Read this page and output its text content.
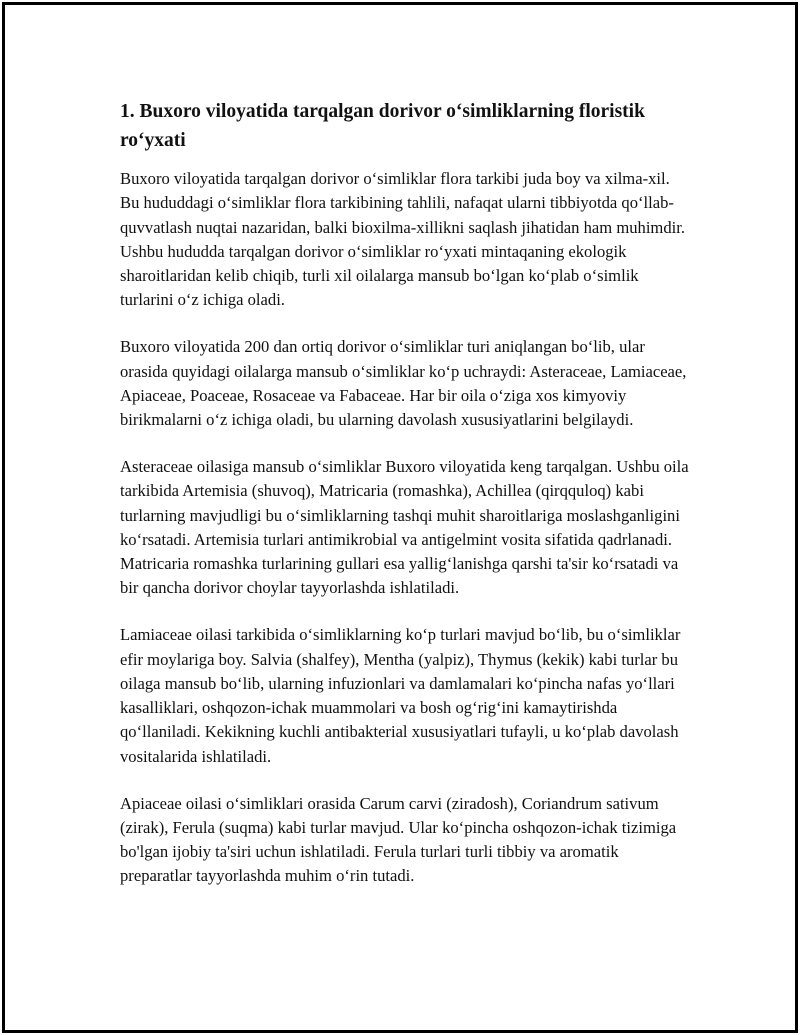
1. Buxoro viloyatida tarqalgan dorivor oʻsimliklarning floristik roʻyxati

Buxoro viloyatida tarqalgan dorivor oʻsimliklar flora tarkibi juda boy va xilma-xil. Bu hududdagi oʻsimliklar flora tarkibining tahlili, nafaqat ularni tibbiyotda qoʻllab-quvvatlash nuqtai nazaridan, balki bioxilma-xillikni saqlash jihatidan ham muhimdir. Ushbu hududda tarqalgan dorivor oʻsimliklar roʻyxati mintaqaning ekologik sharoitlaridan kelib chiqib, turli xil oilalarga mansub boʻlgan koʻplab oʻsimlik turlarini oʻz ichiga oladi.

Buxoro viloyatida 200 dan ortiq dorivor oʻsimliklar turi aniqlangan boʻlib, ular orasida quyidagi oilalarga mansub oʻsimliklar koʻp uchraydi: Asteraceae, Lamiaceae, Apiaceae, Poaceae, Rosaceae va Fabaceae. Har bir oila oʻziga xos kimyoviy birikmalarni oʻz ichiga oladi, bu ularning davolash xususiyatlarini belgilaydi.

Asteraceae oilasiga mansub oʻsimliklar Buxoro viloyatida keng tarqalgan. Ushbu oila tarkibida Artemisia (shuvoq), Matricaria (romashka), Achillea (qirqquloq) kabi turlarning mavjudligi bu oʻsimliklarning tashqi muhit sharoitlariga moslashganligini koʻrsatadi. Artemisia turlari antimikrobial va antigelmint vosita sifatida qadrlanadi. Matricaria romashka turlarining gullari esa yallig‘lanishga qarshi ta'sir koʻrsatadi va bir qancha dorivor choylar tayyorlashda ishlatiladi.

Lamiaceae oilasi tarkibida oʻsimliklarning koʻp turlari mavjud boʻlib, bu oʻsimliklar efir moylariga boy. Salvia (shalfey), Mentha (yalpiz), Thymus (kekik) kabi turlar bu oilaga mansub boʻlib, ularning infuzionlari va damlamalari koʻpincha nafas yoʻllari kasalliklari, oshqozon-ichak muammolari va bosh ogʻrigʻini kamaytirishda qoʻllaniladi. Kekikning kuchli antibakterial xususiyatlari tufayli, u koʻplab davolash vositalarida ishlatiladi.

Apiaceae oilasi oʻsimliklari orasida Carum carvi (ziradosh), Coriandrum sativum (zirak), Ferula (suqma) kabi turlar mavjud. Ular koʻpincha oshqozon-ichak tizimiga bo'lgan ijobiy ta'siri uchun ishlatiladi. Ferula turlari turli tibbiy va aromatik preparatlar tayyorlashda muhim oʻrin tutadi.
